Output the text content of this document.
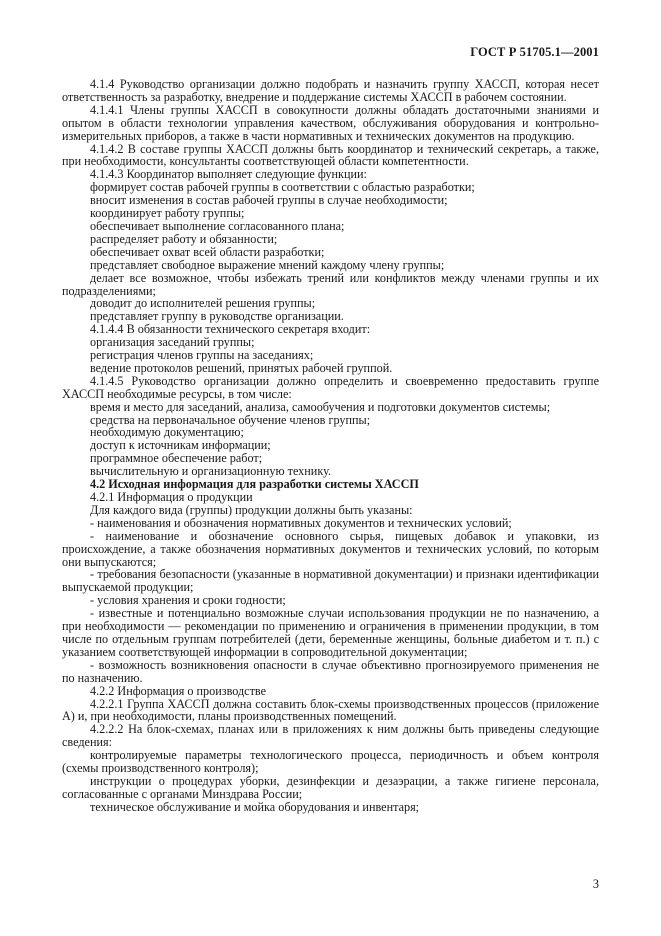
ГОСТ Р 51705.1—2001

4.1.4 Руководство организации должно подобрать и назначить группу ХАССП, которая несет ответственность за разработку, внедрение и поддержание системы ХАССП в рабочем состоянии.

4.1.4.1 Члены группы ХАССП в совокупности должны обладать достаточными знаниями и опытом в области технологии управления качеством, обслуживания оборудования и контрольно-измерительных приборов, а также в части нормативных и технических документов на продукцию.

4.1.4.2 В составе группы ХАССП должны быть координатор и технический секретарь, а также, при необходимости, консультанты соответствующей области компетентности.

4.1.4.3 Координатор выполняет следующие функции:

формирует состав рабочей группы в соответствии с областью разработки;

вносит изменения в состав рабочей группы в случае необходимости;

координирует работу группы;

обеспечивает выполнение согласованного плана;

распределяет работу и обязанности;

обеспечивает охват всей области разработки;

представляет свободное выражение мнений каждому члену группы;

делает все возможное, чтобы избежать трений или конфликтов между членами группы и их подразделениями;

доводит до исполнителей решения группы;

представляет группу в руководстве организации.

4.1.4.4 В обязанности технического секретаря входит:

организация заседаний группы;

регистрация членов группы на заседаниях;

ведение протоколов решений, принятых рабочей группой.

4.1.4.5 Руководство организации должно определить и своевременно предоставить группе ХАССП необходимые ресурсы, в том числе:

время и место для заседаний, анализа, самообучения и подготовки документов системы;

средства на первоначальное обучение членов группы;

необходимую документацию;

доступ к источникам информации;

программное обеспечение работ;

вычислительную и организационную технику.

4.2 Исходная информация для разработки системы ХАССП

4.2.1 Информация о продукции

Для каждого вида (группы) продукции должны быть указаны:

- наименования и обозначения нормативных документов и технических условий;

- наименование и обозначение основного сырья, пищевых добавок и упаковки, из происхождение, а также обозначения нормативных документов и технических условий, по которым они выпускаются;

- требования безопасности (указанные в нормативной документации) и признаки идентификации выпускаемой продукции;

- условия хранения и сроки годности;

- известные и потенциально возможные случаи использования продукции не по назначению, а при необходимости — рекомендации по применению и ограничения в применении продукции, в том числе по отдельным группам потребителей (дети, беременные женщины, больные диабетом и т. п.) с указанием соответствующей информации в сопроводительной документации;

- возможность возникновения опасности в случае объективно прогнозируемого применения не по назначению.

4.2.2 Информация о производстве

4.2.2.1 Группа ХАССП должна составить блок-схемы производственных процессов (приложение А) и, при необходимости, планы производственных помещений.

4.2.2.2 На блок-схемах, планах или в приложениях к ним должны быть приведены следующие сведения:

контролируемые параметры технологического процесса, периодичность и объем контроля (схемы производственного контроля);

инструкции о процедурах уборки, дезинфекции и дезаэрации, а также гигиене персонала, согласованные с органами Минздрава России;

техническое обслуживание и мойка оборудования и инвентаря;

3
